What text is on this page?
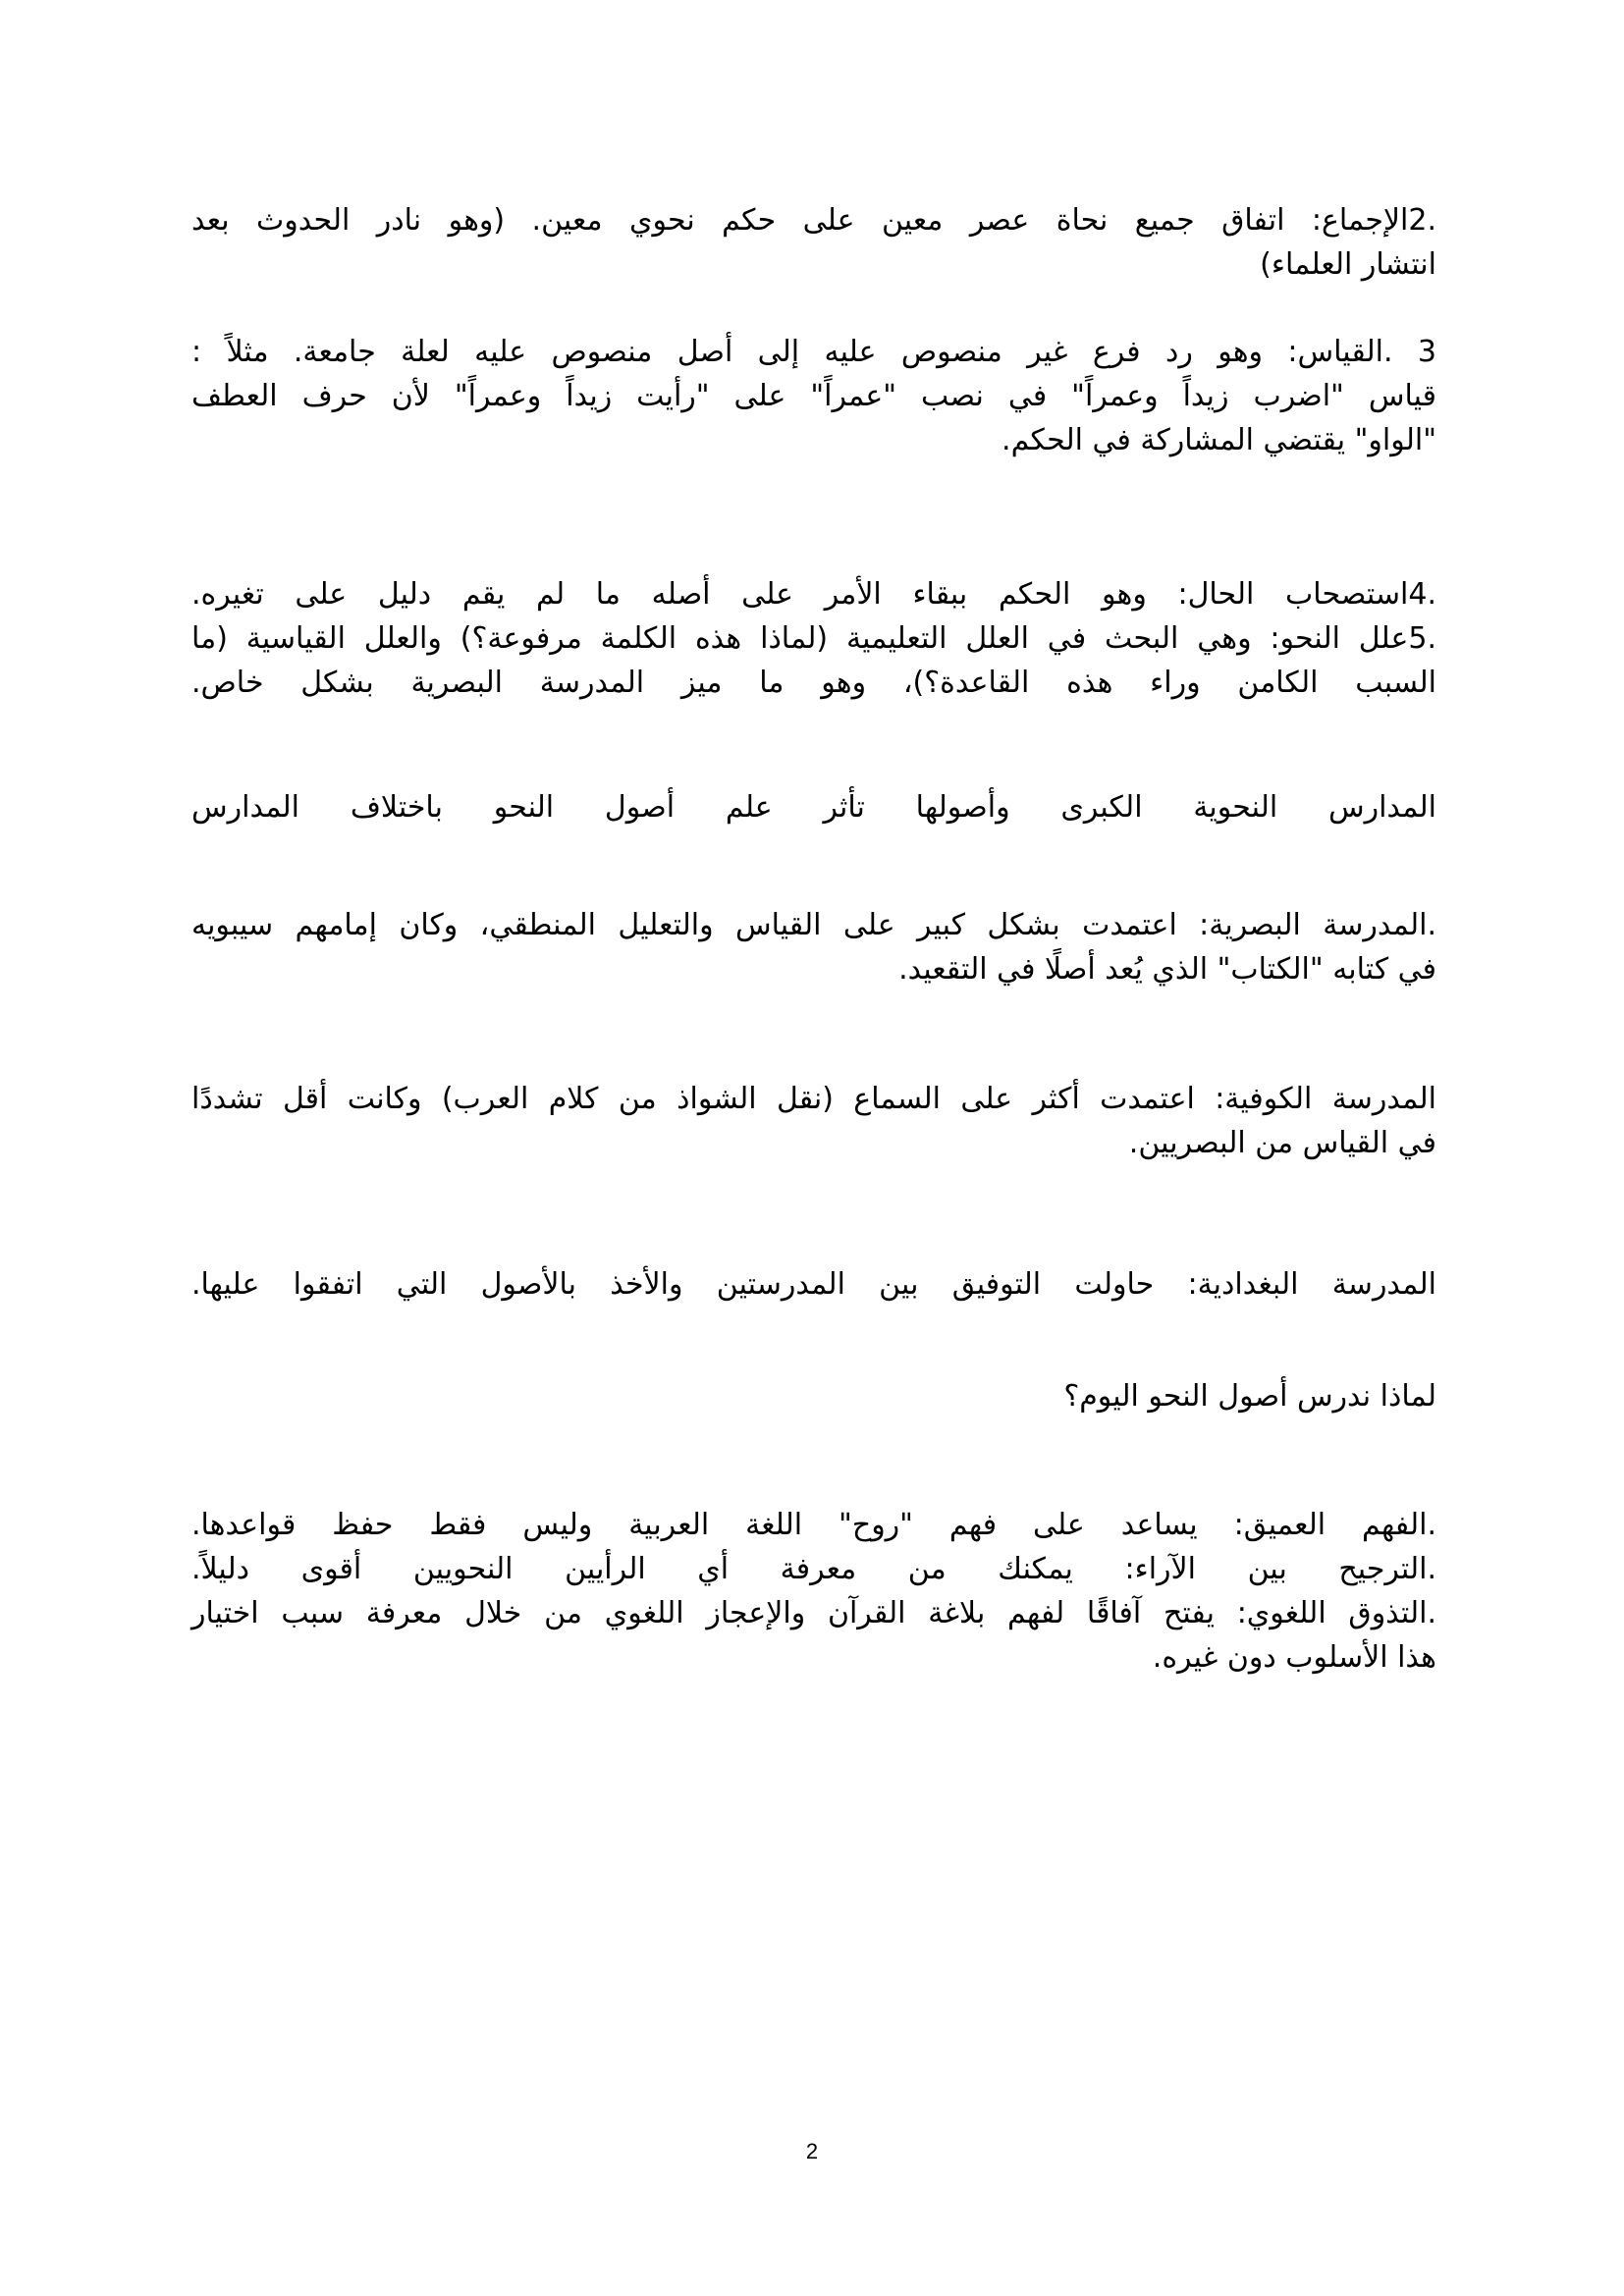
.2الإجماع: اتفاق جميع نحاة عصر معين على حكم نحوي معين. (وهو نادر الحدوث بعد
انتشار العلماء)
3 .القياس: وهو رد فرع غير منصوص عليه إلى أصل منصوص عليه لعلة جامعة. مثلاً :
قياس "اضرب زيداً وعمراً" في نصب "عمراً" على "رأيت زيداً وعمراً" لأن حرف العطف
"الواو" يقتضي المشاركة في الحكم.
.4استصحاب الحال: وهو الحكم ببقاء الأمر على أصله ما لم يقم دليل على تغيره.
.5علل النحو: وهي البحث في العلل التعليمية (لماذا هذه الكلمة مرفوعة؟) والعلل القياسية (ما
السبب الكامن وراء هذه القاعدة؟)، وهو ما ميز المدرسة البصرية بشكل خاص.
المدارس النحوية الكبرى وأصولها تأثر علم أصول النحو باختلاف المدارس
.المدرسة البصرية: اعتمدت بشكل كبير على القياس والتعليل المنطقي، وكان إمامهم سيبويه
في كتابه "الكتاب" الذي يُعد أصلًا في التقعيد.
المدرسة الكوفية: اعتمدت أكثر على السماع (نقل الشواذ من كلام العرب) وكانت أقل تشددًا
في القياس من البصريين.
المدرسة البغدادية: حاولت التوفيق بين المدرستين والأخذ بالأصول التي اتفقوا عليها.
لماذا ندرس أصول النحو اليوم؟
.الفهم العميق: يساعد على فهم "روح" اللغة العربية وليس فقط حفظ قواعدها.
.الترجيح بين الآراء: يمكنك من معرفة أي الرأيين النحويين أقوى دليلاً.
.التذوق اللغوي: يفتح آفاقًا لفهم بلاغة القرآن والإعجاز اللغوي من خلال معرفة سبب اختيار
هذا الأسلوب دون غيره.
2
